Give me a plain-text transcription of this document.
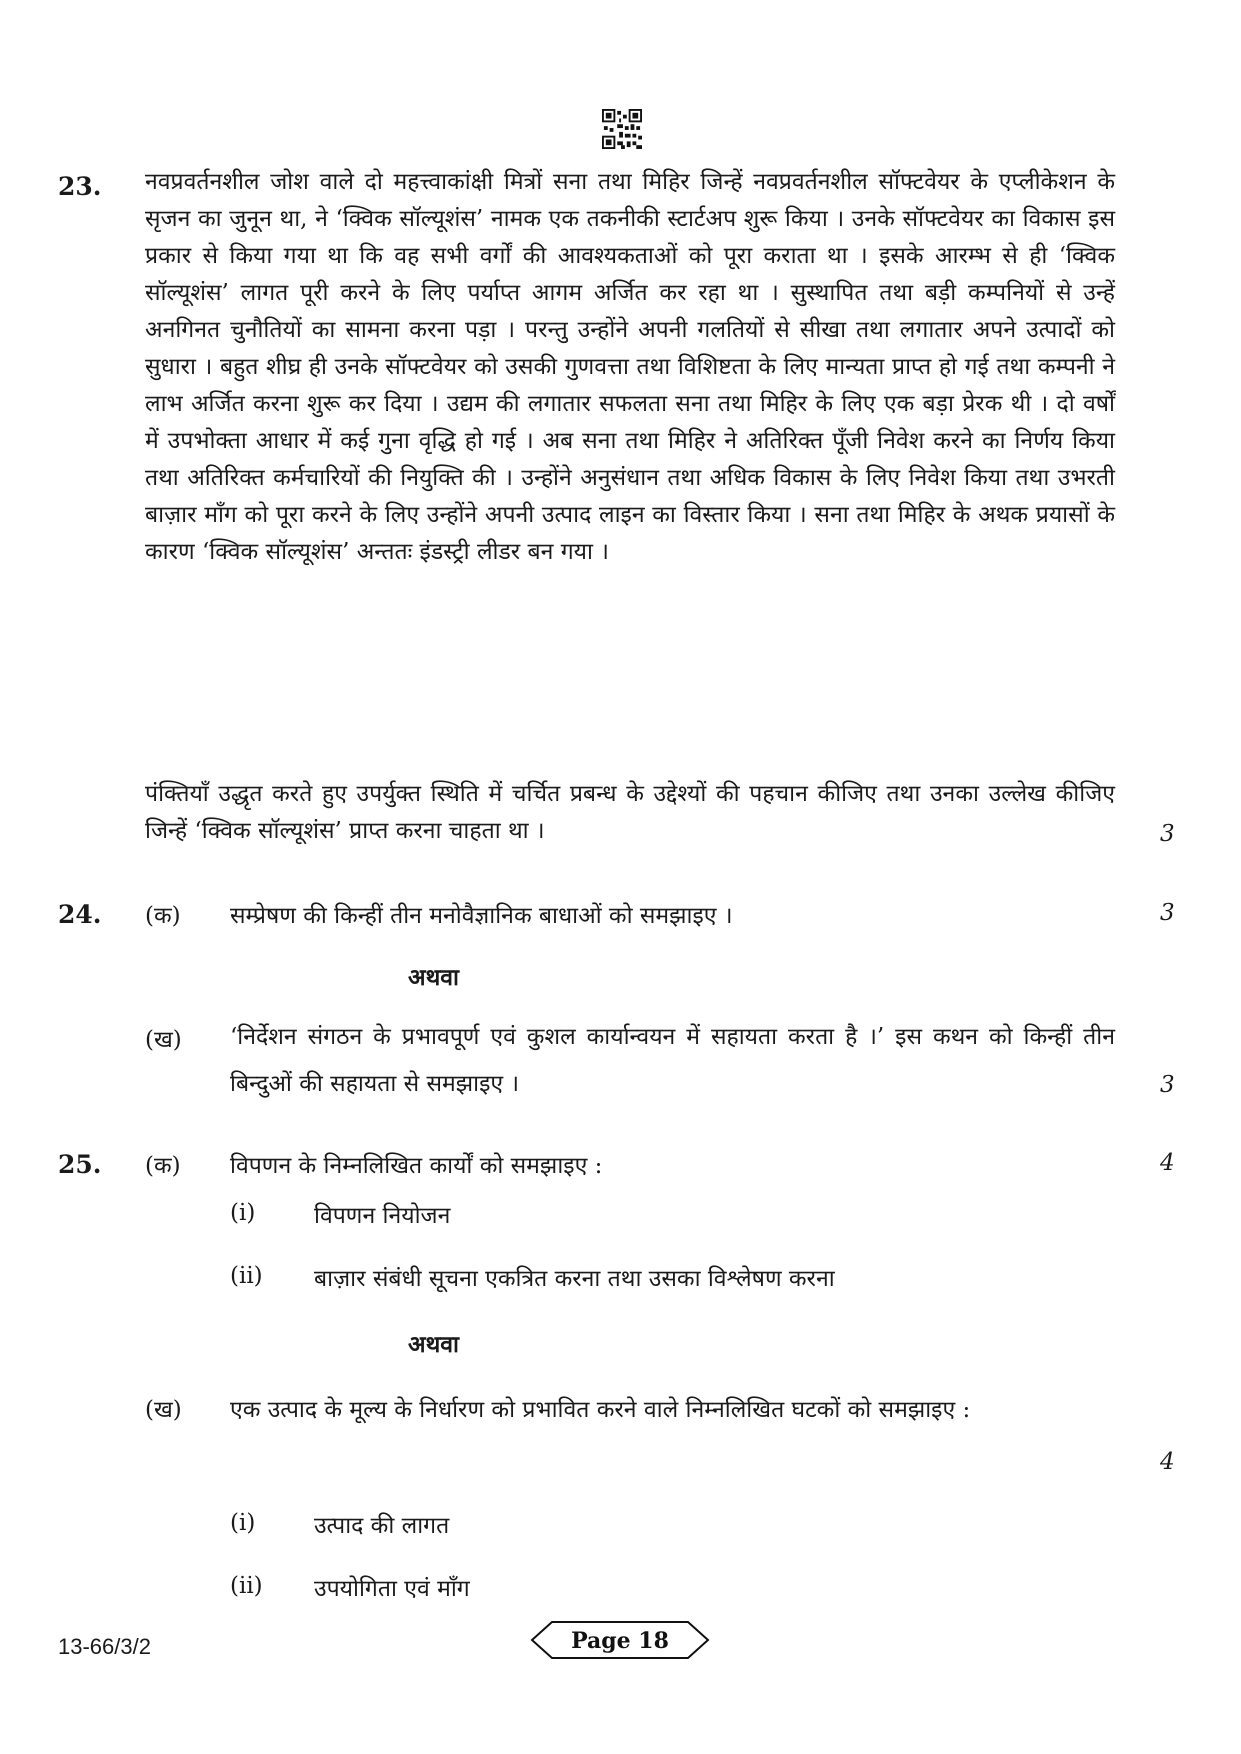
23. नवप्रवर्तनशील जोश वाले दो महत्त्वाकांक्षी मित्रों सना तथा मिहिर जिन्हें नवप्रवर्तनशील सॉफ्टवेयर के एप्लीकेशन के सृजन का जुनून था, ने ‘क्विक सॉल्यूशंस’ नामक एक तकनीकी स्टार्टअप शुरू किया । उनके सॉफ्टवेयर का विकास इस प्रकार से किया गया था कि वह सभी वर्गों की आवश्यकताओं को पूरा कराता था । इसके आरम्भ से ही ‘क्विक सॉल्यूशंस’ लागत पूरी करने के लिए पर्याप्त आगम अर्जित कर रहा था । सुस्थापित तथा बड़ी कम्पनियों से उन्हें अनगिनत चुनौतियों का सामना करना पड़ा । परन्तु उन्होंने अपनी गलतियों से सीखा तथा लगातार अपने उत्पादों को सुधारा । बहुत शीघ्र ही उनके सॉफ्टवेयर को उसकी गुणवत्ता तथा विशिष्टता के लिए मान्यता प्राप्त हो गई तथा कम्पनी ने लाभ अर्जित करना शुरू कर दिया । उद्यम की लगातार सफलता सना तथा मिहिर के लिए एक बड़ा प्रेरक थी । दो वर्षों में उपभोक्ता आधार में कई गुना वृद्धि हो गई । अब सना तथा मिहिर ने अतिरिक्त पूँजी निवेश करने का निर्णय किया तथा अतिरिक्त कर्मचारियों की नियुक्ति की । उन्होंने अनुसंधान तथा अधिक विकास के लिए निवेश किया तथा उभरती बाज़ार माँग को पूरा करने के लिए उन्होंने अपनी उत्पाद लाइन का विस्तार किया । सना तथा मिहिर के अथक प्रयासों के कारण ‘क्विक सॉल्यूशंस’ अन्ततः इंडस्ट्री लीडर बन गया ।

पंक्तियाँ उद्धृत करते हुए उपर्युक्त स्थिति में चर्चित प्रबन्ध के उद्देश्यों की पहचान कीजिए तथा उनका उल्लेख कीजिए जिन्हें ‘क्विक सॉल्यूशंस’ प्राप्त करना चाहता था ।	3
24. (क) सम्प्रेषण की किन्हीं तीन मनोवैज्ञानिक बाधाओं को समझाइए ।	3
अथवा
(ख) ‘निर्देशन संगठन के प्रभावपूर्ण एवं कुशल कार्यान्वयन में सहायता करता है ।’ इस कथन को किन्हीं तीन बिन्दुओं की सहायता से समझाइए ।	3
25. (क) विपणन के निम्नलिखित कार्यों को समझाइए :	4
(i)	विपणन नियोजन
(ii) बाज़ार संबंधी सूचना एकत्रित करना तथा उसका विश्लेषण करना
अथवा
(ख) एक उत्पाद के मूल्य के निर्धारण को प्रभावित करने वाले निम्नलिखित घटकों को समझाइए :

4
(i)	उत्पाद की लागत
(ii) उपयोगिता एवं माँग
13-66/3/2	Page 18
